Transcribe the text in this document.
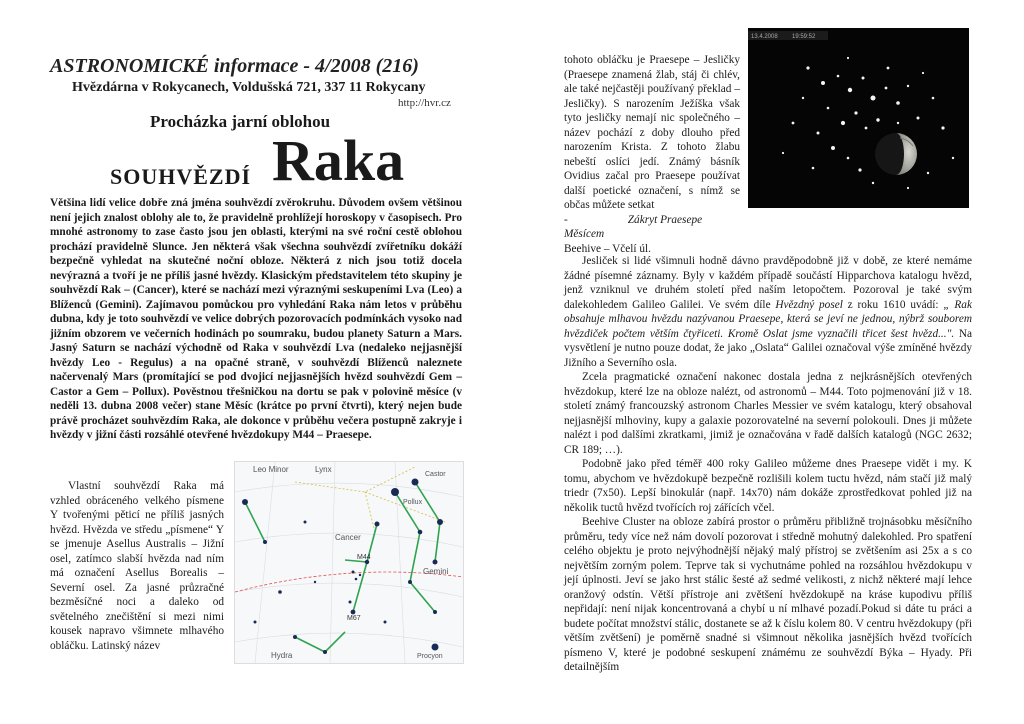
ASTRONOMICKÉ informace - 4/2008 (216)
Hvězdárna v Rokycanech, Voldušská 721, 337 11 Rokycany
http://hvr.cz
Procházka jarní oblohou
SOUHVĚZDÍ Raka
Většina lidí velice dobře zná jména souhvězdí zvěrokruhu. Důvodem ovšem většinou není jejich znalost oblohy ale to, že pravidelně prohlížejí horoskopy v časopisech. Pro mnohé astronomy to zase často jsou jen oblasti, kterými na své roční cestě oblohou prochází pravidelně Slunce. Jen některá však všechna souhvězdí zvířetníku dokáží bezpečně vyhledat na skutečné noční obloze. Některá z nich jsou totiž docela nevýrazná a tvoří je ne příliš jasné hvězdy. Klasickým představitelem této skupiny je souhvězdí Rak – (Cancer), které se nachází mezi výraznými seskupeními Lva (Leo) a Blíženců (Gemini). Zajímavou pomůckou pro vyhledání Raka nám letos v průběhu dubna, kdy je toto souhvězdí ve velice dobrých pozorovacích podmínkách vysoko nad jižním obzorem ve večerních hodinách po soumraku, budou planety Saturn a Mars. Jasný Saturn se nachází východně od Raka v souhvězdí Lva (nedaleko nejjasnější hvězdy Leo - Regulus) a na opačné straně, v souhvězdí Blíženců naleznete načervenalý Mars (promítající se pod dvojicí nejjasnějších hvězd souhvězdí Gem – Castor a Gem – Pollux). Pověstnou třešničkou na dortu se pak v polovině měsíce (v neděli 13. dubna 2008 večer) stane Měsíc (krátce po první čtvrti), který nejen bude právě procházet souhvězdím Raka, ale dokonce v průběhu večera postupně zakryje i hvězdy v jižní části rozsáhlé otevřené hvězdokupy M44 – Praesepe.

Vlastní souhvězdí Raka má vzhled obráceného velkého písmene Y tvořenými pěticí ne příliš jasných hvězd. Hvězda ve středu „písmene“ Y se jmenuje Asellus Australis – Jižní osel, zatímco slabší hvězda nad ním má označení Asellus Borealis – Severní osel. Za jasné průzračné bezměsíčné noci a daleko od světelného znečištění si mezi nimi kousek napravo všimnete mlhavého obláčku. Latinský název

Leo Minor	Lynx
Castor
Pollux
Cancer
M44
M67
Gemini
Hydra	Procyon

tohoto obláčku je Praesepe – Jesličky (Praesepe znamená žlab, stáj či chlév, ale také nejčastěji používaný překlad – Jesličky). S narozením Ježíška však tyto jesličky nemají nic společného – název pochází z doby dlouho před narozením Krista. Z tohoto žlabu nebeští oslíci jedí. Známý básník Ovidius začal pro Praesepe používat další poetické označení, s nímž se občas můžete setkat

-	Zákryt Praesepe Měsícem

Beehive – Včelí úl.

13.4.2008 19:59:52

Jesliček si lidé všimnuli hodně dávno pravděpodobně již v době, ze které nemáme žádné písemné záznamy. Byly v každém případě součástí Hipparchova katalogu hvězd, jenž vzniknul ve druhém století před naším letopočtem. Pozoroval je také svým dalekohledem Galileo Galilei. Ve svém díle Hvězdný posel z roku 1610 uvádí: „ Rak obsahuje mlhavou hvězdu nazývanou Praesepe, která se jeví ne jednou, nýbrž souborem hvězdiček počtem větším čtyřiceti. Kromě Oslat jsme vyznačili třicet šest hvězd...". Na vysvětlení je nutno pouze dodat, že jako „Oslata“ Galilei označoval výše zmíněné hvězdy Jižního a Severního osla.

Zcela pragmatické označení nakonec dostala jedna z nejkrásnějších otevřených hvězdokup, které lze na obloze nalézt, od astronomů – M44. Toto pojmenování již v 18. století známý francouzský astronom Charles Messier ve svém katalogu, který obsahoval nejjasnější mlhoviny, kupy a galaxie pozorovatelné na severní polokouli. Dnes ji můžete nalézt i pod dalšími zkratkami, jimiž je označována v řadě dalších katalogů (NGC 2632; CR 189; …).

Podobně jako před téměř 400 roky Galileo můžeme dnes Praesepe vidět i my. K tomu, abychom ve hvězdokupě bezpečně rozlišili kolem tuctu hvězd, nám stačí již malý triedr (7x50). Lepší binokulár (např. 14x70) nám dokáže zprostředkovat pohled již na několik tuctů hvězd tvořících roj zářících včel.

Beehive Cluster na obloze zabírá prostor o průměru přibližně trojnásobku měsíčního průměru, tedy více než nám dovolí pozorovat i středně mohutný dalekohled. Pro spatření celého objektu je proto nejvýhodnější nějaký malý přístroj se zvětšením asi 25x a s co největším zorným polem. Teprve tak si vychutnáme pohled na rozsáhlou hvězdokupu v její úplnosti. Jeví se jako hrst stálic šesté až sedmé velikosti, z nichž některé mají lehce oranžový odstín. Větší přístroje ani zvětšení hvězdokupě na kráse kupodivu příliš nepřidají: není nijak koncentrovaná a chybí u ní mlhavé pozadí.Pokud si dáte tu práci a budete počítat množství stálic, dostanete se až k číslu kolem 80. V centru hvězdokupy (při větším zvětšení) je poměrně snadné si všimnout několika jasnějších hvězd tvořících písmeno V, které je podobné seskupení známému ze souhvězdí Býka – Hyady. Při detailnějším
